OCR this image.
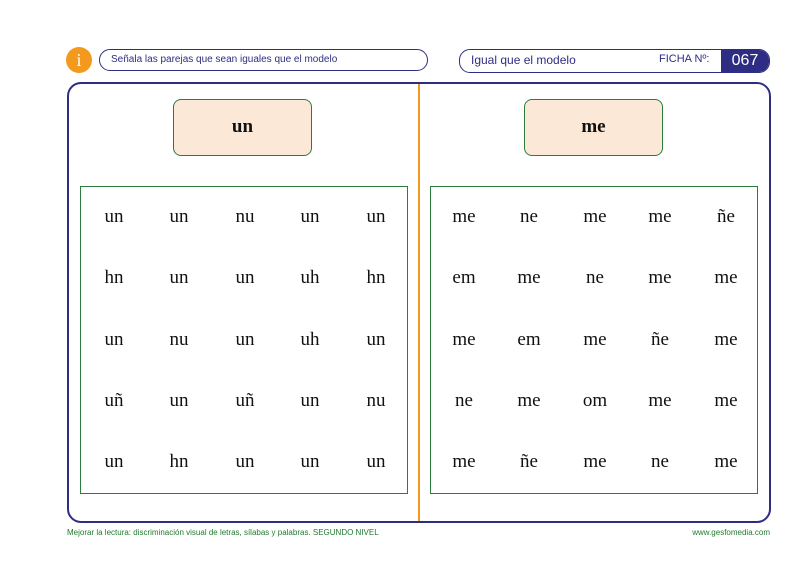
i	Señala las parejas que sean iguales que el modelo	Igual que el modelo	FICHA Nº:	067
un	me
un	un	nu	un	un
hn	un	un	uh	hn
un	nu	un	uh	un
uñ	un	uñ	un	nu
un	hn	un	un	un
me	ne	me	me	ñe
em	me	ne	me	me
me	em	me	ñe	me
ne	me	om	me	me
me	ñe	me	ne	me
Mejorar la lectura: discriminación visual de letras, sílabas y palabras. SEGUNDO NIVEL	www.gesfomedia.com
